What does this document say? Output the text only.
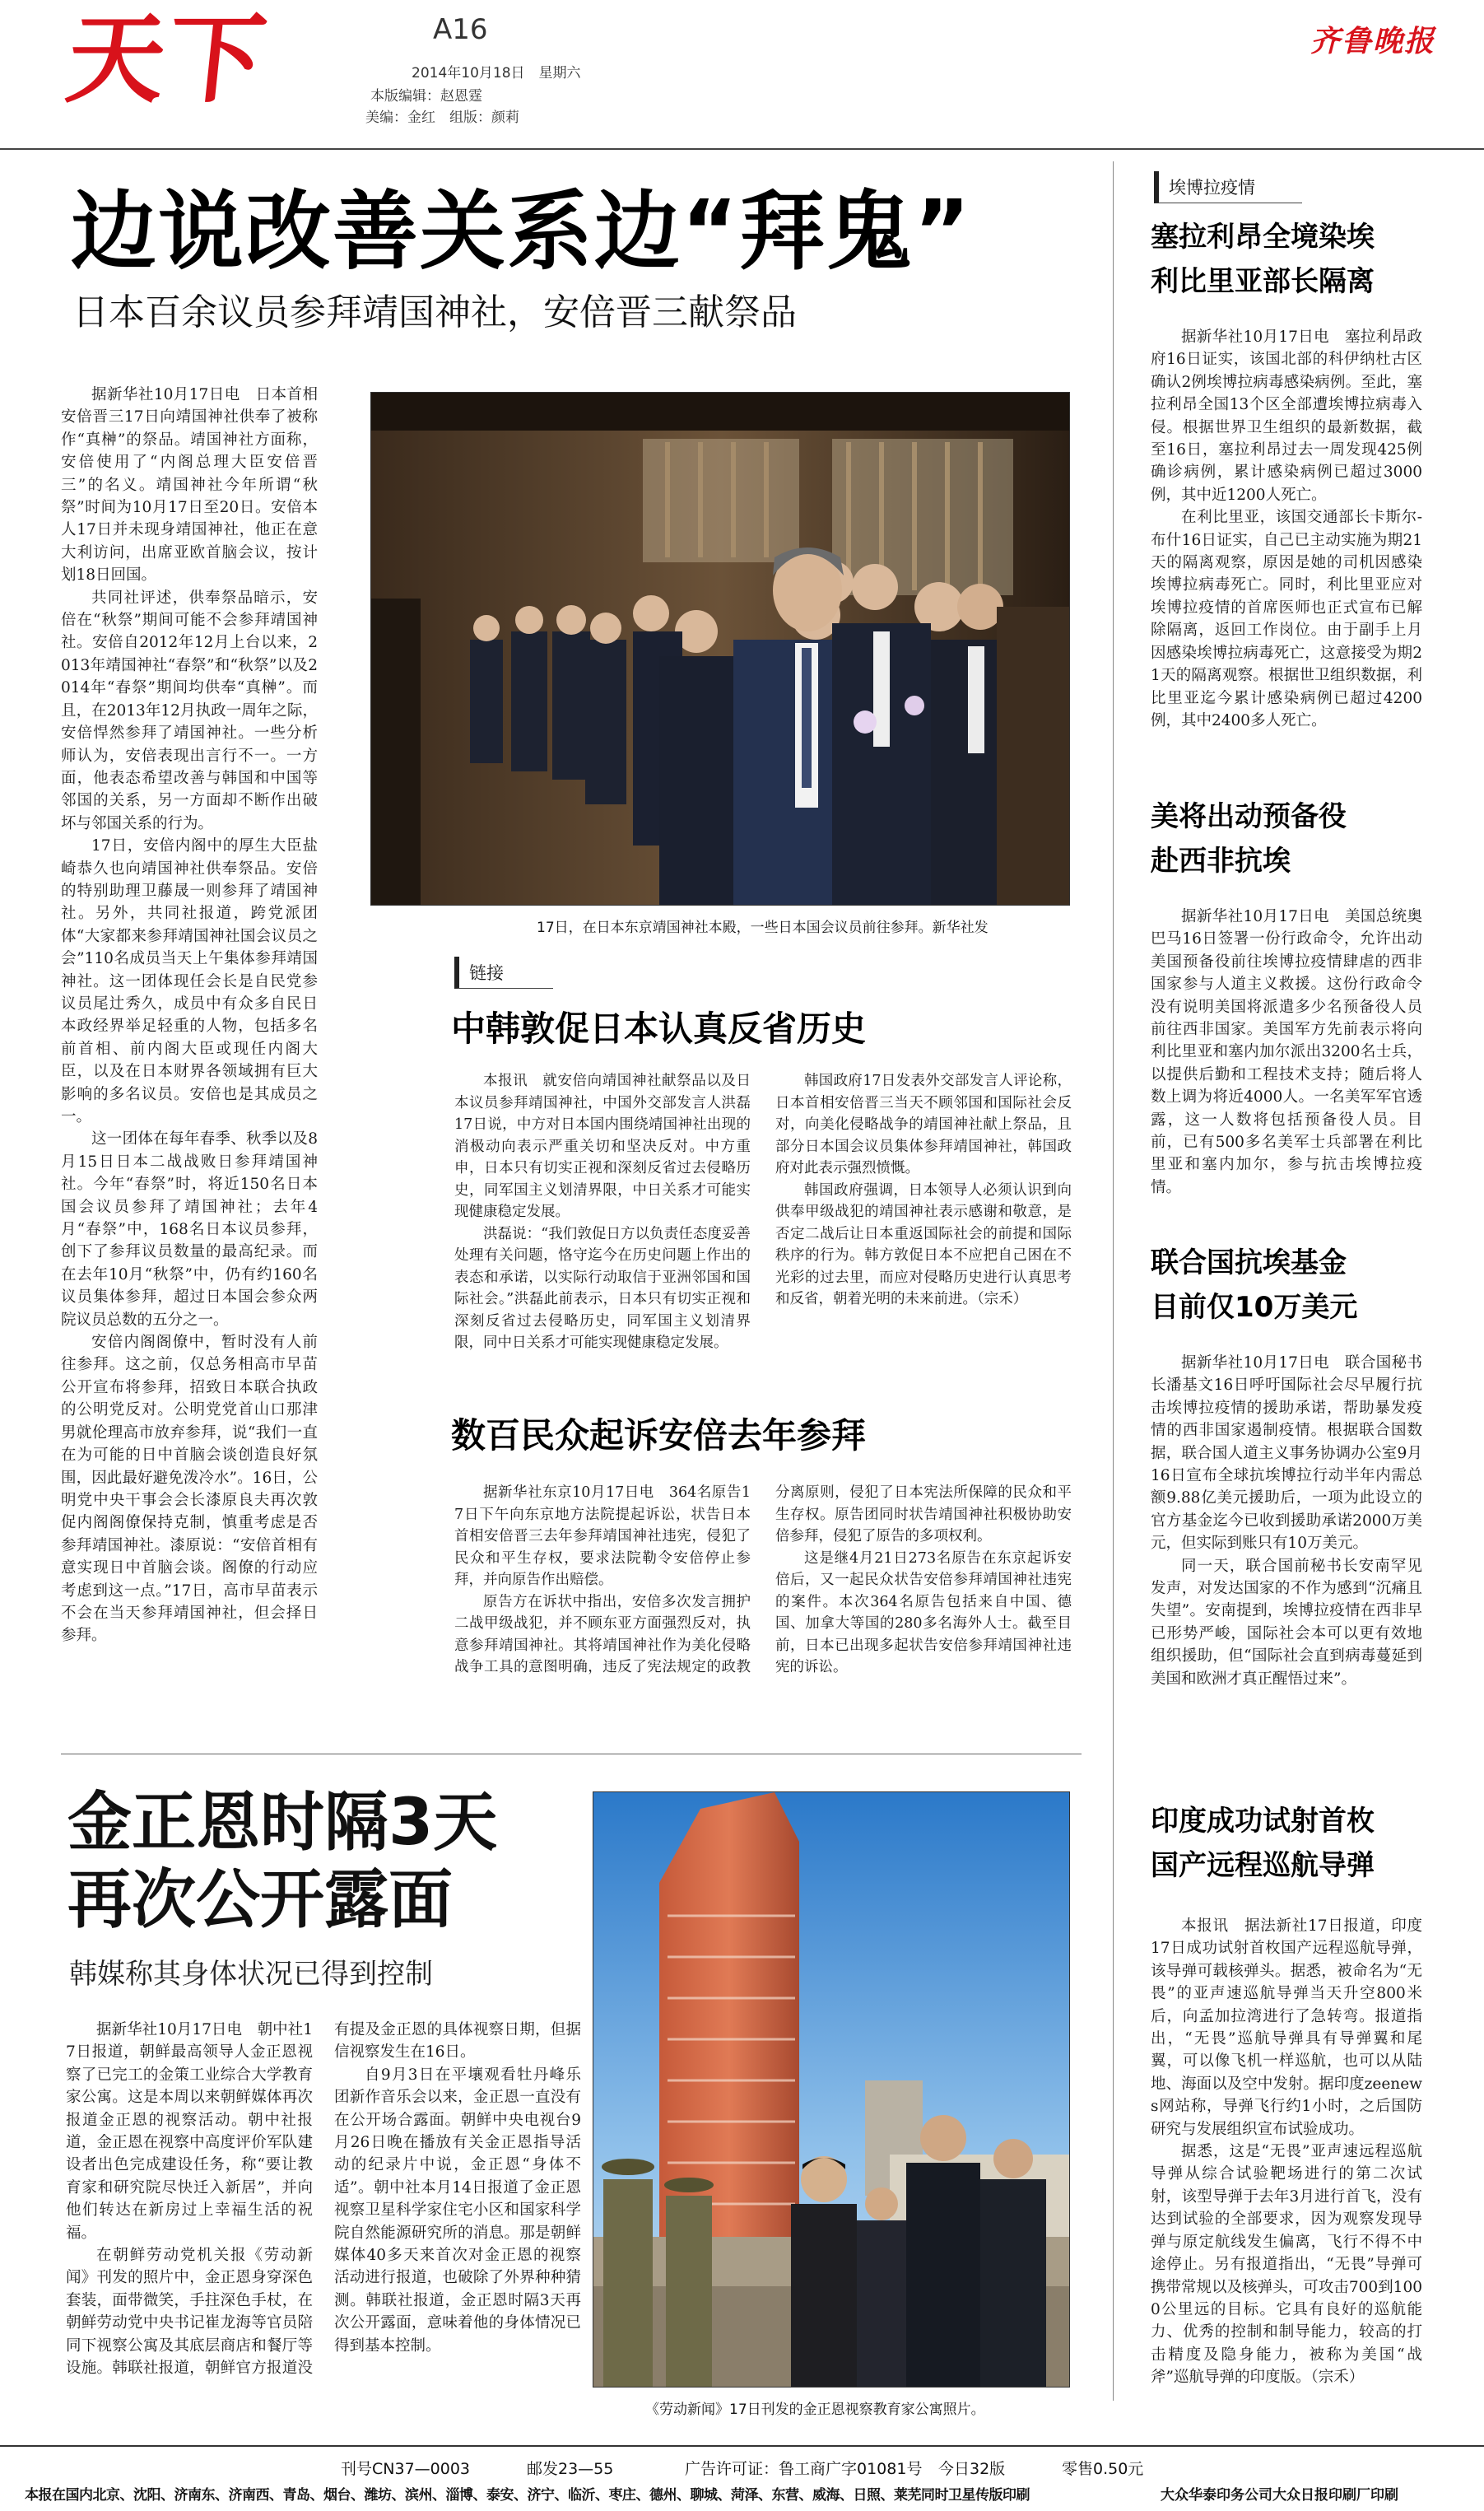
天下	A16
2014年10月18日　星期六
本版编辑：赵恩霆
美编：金红　组版：颜莉
齐鲁晚报
边说改善关系边“拜鬼”
日本百余议员参拜靖国神社，安倍晋三献祭品

据新华社10月17日电　日本首相安倍晋三17日向靖国神社供奉了被称作“真榊”的祭品。靖国神社方面称，安倍使用了“内阁总理大臣安倍晋三”的名义。靖国神社今年所谓“秋祭”时间为10月17日至20日。安倍本人17日并未现身靖国神社，他正在意大利访问，出席亚欧首脑会议，按计划18日回国。

共同社评述，供奉祭品暗示，安倍在“秋祭”期间可能不会参拜靖国神社。安倍自2012年12月上台以来，2013年靖国神社“春祭”和“秋祭”以及2014年“春祭”期间均供奉“真榊”。而且，在2013年12月执政一周年之际，安倍悍然参拜了靖国神社。一些分析师认为，安倍表现出言行不一。一方面，他表态希望改善与韩国和中国等邻国的关系，另一方面却不断作出破坏与邻国关系的行为。

17日，安倍内阁中的厚生大臣盐崎恭久也向靖国神社供奉祭品。安倍的特别助理卫藤晟一则参拜了靖国神社。另外，共同社报道，跨党派团体“大家都来参拜靖国神社国会议员之会”110名成员当天上午集体参拜靖国神社。这一团体现任会长是自民党参议员尾辻秀久，成员中有众多自民日本政经界举足轻重的人物，包括多名前首相、前内阁大臣或现任内阁大臣，以及在日本财界各领域拥有巨大影响的多名议员。安倍也是其成员之一。

这一团体在每年春季、秋季以及8月15日日本二战战败日参拜靖国神社。今年“春祭”时，将近150名日本国会议员参拜了靖国神社；去年4月“春祭”中，168名日本议员参拜，创下了参拜议员数量的最高纪录。而在去年10月“秋祭”中，仍有约160名议员集体参拜，超过日本国会参众两院议员总数的五分之一。

安倍内阁阁僚中，暂时没有人前往参拜。这之前，仅总务相高市早苗公开宣布将参拜，招致日本联合执政的公明党反对。公明党党首山口那津男就伦理高市放弃参拜，说“我们一直在为可能的日中首脑会谈创造良好氛围，因此最好避免泼冷水”。16日，公明党中央干事会会长漆原良夫再次敦促内阁阁僚保持克制，慎重考虑是否参拜靖国神社。漆原说：“安倍首相有意实现日中首脑会谈。阁僚的行动应考虑到这一点。”17日，高市早苗表示不会在当天参拜靖国神社，但会择日参拜。

17日，在日本东京靖国神社本殿，一些日本国会议员前往参拜。新华社发
链接
中韩敦促日本认真反省历史

本报讯　就安倍向靖国神社献祭品以及日本议员参拜靖国神社，中国外交部发言人洪磊17日说，中方对日本国内围绕靖国神社出现的消极动向表示严重关切和坚决反对。中方重申，日本只有切实正视和深刻反省过去侵略历史，同军国主义划清界限，中日关系才可能实现健康稳定发展。

洪磊说：“我们敦促日方以负责任态度妥善处理有关问题，恪守迄今在历史问题上作出的表态和承诺，以实际行动取信于亚洲邻国和国际社会。”洪磊此前表示，日本只有切实正视和深刻反省过去侵略历史，同军国主义划清界限，同中日关系才可能实现健康稳定发展。

韩国政府17日发表外交部发言人评论称，日本首相安倍晋三当天不顾邻国和国际社会反对，向美化侵略战争的靖国神社献上祭品，且部分日本国会议员集体参拜靖国神社，韩国政府对此表示强烈愤慨。

韩国政府强调，日本领导人必须认识到向供奉甲级战犯的靖国神社表示感谢和敬意，是否定二战后让日本重返国际社会的前提和国际秩序的行为。韩方敦促日本不应把自己困在不光彩的过去里，而应对侵略历史进行认真思考和反省，朝着光明的未来前进。（宗禾）

数百民众起诉安倍去年参拜

据新华社东京10月17日电　364名原告17日下午向东京地方法院提起诉讼，状告日本首相安倍晋三去年参拜靖国神社违宪，侵犯了民众和平生存权，要求法院勒令安倍停止参拜，并向原告作出赔偿。

原告方在诉状中指出，安倍多次发言拥护二战甲级战犯，并不顾东亚方面强烈反对，执意参拜靖国神社。其将靖国神社作为美化侵略战争工具的意图明确，违反了宪法规定的政教分离原则，侵犯了日本宪法所保障的民众和平生存权。原告团同时状告靖国神社积极协助安倍参拜，侵犯了原告的多项权利。

这是继4月21日273名原告在东京起诉安倍后，又一起民众状告安倍参拜靖国神社违宪的案件。本次364名原告包括来自中国、德国、加拿大等国的280多名海外人士。截至目前，日本已出现多起状告安倍参拜靖国神社违宪的诉讼。

金正恩时隔3天
再次公开露面
韩媒称其身体状况已得到控制

据新华社10月17日电　朝中社17日报道，朝鲜最高领导人金正恩视察了已完工的金策工业综合大学教育家公寓。这是本周以来朝鲜媒体再次报道金正恩的视察活动。朝中社报道，金正恩在视察中高度评价军队建设者出色完成建设任务，称“要让教育家和研究院尽快迁入新居”，并向他们转达在新房过上幸福生活的祝福。

在朝鲜劳动党机关报《劳动新闻》刊发的照片中，金正恩身穿深色套装，面带微笑，手拄深色手杖，在朝鲜劳动党中央书记崔龙海等官员陪同下视察公寓及其底层商店和餐厅等设施。韩联社报道，朝鲜官方报道没有提及金正恩的具体视察日期，但据信视察发生在16日。

自9月3日在平壤观看牡丹峰乐团新作音乐会以来，金正恩一直没有在公开场合露面。朝鲜中央电视台9月26日晚在播放有关金正恩指导活动的纪录片中说，金正恩“身体不适”。朝中社本月14日报道了金正恩视察卫星科学家住宅小区和国家科学院自然能源研究所的消息。那是朝鲜媒体40多天来首次对金正恩的视察活动进行报道，也破除了外界种种猜测。韩联社报道，金正恩时隔3天再次公开露面，意味着他的身体情况已得到基本控制。

《劳动新闻》17日刊发的金正恩视察教育家公寓照片。
埃博拉疫情
塞拉利昂全境染埃
利比里亚部长隔离

据新华社10月17日电　塞拉利昂政府16日证实，该国北部的科伊纳杜古区确认2例埃博拉病毒感染病例。至此，塞拉利昂全国13个区全部遭埃博拉病毒入侵。根据世界卫生组织的最新数据，截至16日，塞拉利昂过去一周发现425例确诊病例，累计感染病例已超过3000例，其中近1200人死亡。

在利比里亚，该国交通部长卡斯尔-布什16日证实，自己已主动实施为期21天的隔离观察，原因是她的司机因感染埃博拉病毒死亡。同时，利比里亚应对埃博拉疫情的首席医师也正式宣布已解除隔离，返回工作岗位。由于副手上月因感染埃博拉病毒死亡，这意接受为期21天的隔离观察。根据世卫组织数据，利比里亚迄今累计感染病例已超过4200例，其中2400多人死亡。

美将出动预备役
赴西非抗埃

据新华社10月17日电　美国总统奥巴马16日签署一份行政命令，允许出动美国预备役前往埃博拉疫情肆虐的西非国家参与人道主义救援。这份行政命令没有说明美国将派遣多少名预备役人员前往西非国家。美国军方先前表示将向利比里亚和塞内加尔派出3200名士兵，以提供后勤和工程技术支持；随后将人数上调为将近4000人。一名美军军官透露，这一人数将包括预备役人员。目前，已有500多名美军士兵部署在利比里亚和塞内加尔，参与抗击埃博拉疫情。

联合国抗埃基金
目前仅10万美元

据新华社10月17日电　联合国秘书长潘基文16日呼吁国际社会尽早履行抗击埃博拉疫情的援助承诺，帮助暴发疫情的西非国家遏制疫情。根据联合国数据，联合国人道主义事务协调办公室9月16日宣布全球抗埃博拉行动半年内需总额9.88亿美元援助后，一项为此设立的官方基金迄今已收到援助承诺2000万美元，但实际到账只有10万美元。

同一天，联合国前秘书长安南罕见发声，对发达国家的不作为感到“沉痛且失望”。安南提到，埃博拉疫情在西非早已形势严峻，国际社会本可以更有效地组织援助，但“国际社会直到病毒蔓延到美国和欧洲才真正醒悟过来”。

印度成功试射首枚
国产远程巡航导弹

本报讯　据法新社17日报道，印度17日成功试射首枚国产远程巡航导弹，该导弹可载核弹头。据悉，被命名为“无畏”的亚声速巡航导弹当天升空800米后，向孟加拉湾进行了急转弯。报道指出，“无畏”巡航导弹具有导弹翼和尾翼，可以像飞机一样巡航，也可以从陆地、海面以及空中发射。据印度zeenews网站称，导弹飞行约1小时，之后国防研究与发展组织宣布试验成功。

据悉，这是“无畏”亚声速远程巡航导弹从综合试验靶场进行的第二次试射，该型导弹于去年3月进行首飞，没有达到试验的全部要求，因为观察发现导弹与原定航线发生偏离，飞行不得不中途停止。另有报道指出，“无畏”导弹可携带常规以及核弹头，可攻击700到1000公里远的目标。它具有良好的巡航能力、优秀的控制和制导能力，较高的打击精度及隐身能力，被称为美国“战斧”巡航导弹的印度版。（宗禾）

刊号CN37—0003	邮发23—55	广告许可证：鲁工商广字01081号 今日32版	零售0.50元
本报在国内北京、沈阳、济南东、济南西、青岛、烟台、潍坊、滨州、淄博、泰安、济宁、临沂、枣庄、德州、聊城、菏泽、东营、威海、日照、莱芜同时卫星传版印刷	大众华泰印务公司大众日报印刷厂印刷
